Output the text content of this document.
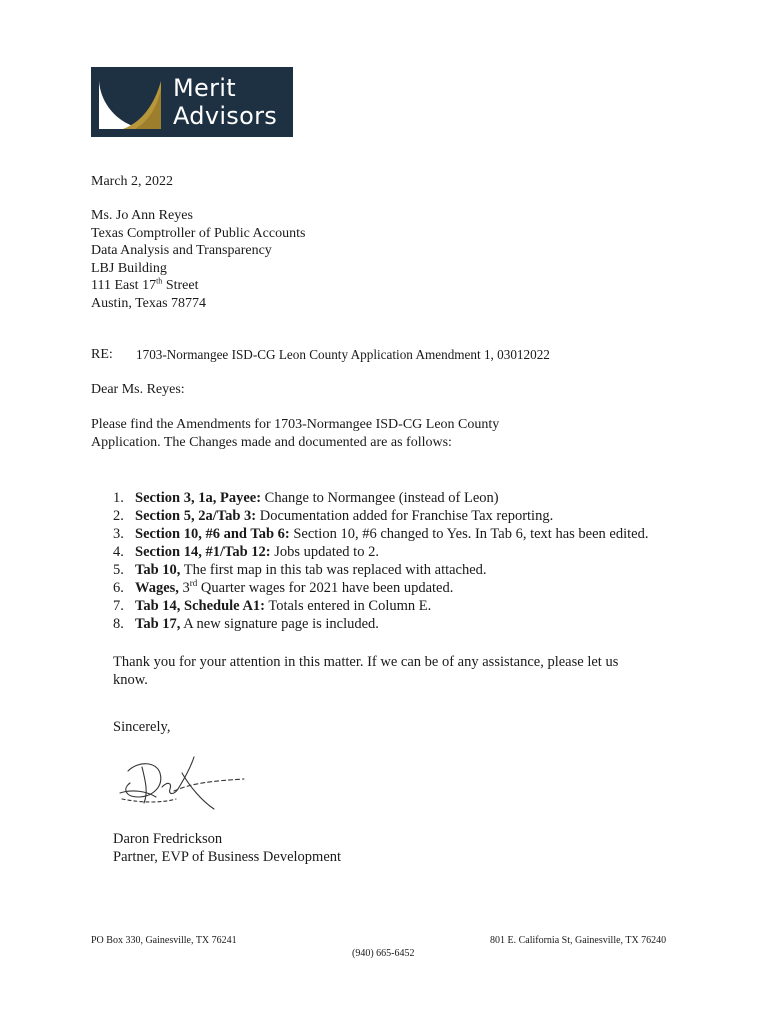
Merit
Advisors
March 2, 2022
Ms. Jo Ann Reyes
Texas Comptroller of Public Accounts
Data Analysis and Transparency
LBJ Building
111 East 17th Street
Austin, Texas 78774
RE: 1703-Normangee ISD-CG Leon County Application Amendment 1, 03012022
Dear Ms. Reyes:
Please find the Amendments for 1703-Normangee ISD-CG Leon County
Application. The Changes made and documented are as follows:
1. Section 3, 1a, Payee: Change to Normangee (instead of Leon)
2. Section 5, 2a/Tab 3: Documentation added for Franchise Tax reporting.
3. Section 10, #6 and Tab 6: Section 10, #6 changed to Yes. In Tab 6, text has been edited.
4. Section 14, #1/Tab 12: Jobs updated to 2.
5. Tab 10, The first map in this tab was replaced with attached.
6. Wages, 3rd Quarter wages for 2021 have been updated.
7. Tab 14, Schedule A1: Totals entered in Column E.
8. Tab 17, A new signature page is included.
Thank you for your attention in this matter. If we can be of any assistance, please let us
know.
Sincerely,
Daron Fredrickson
Partner, EVP of Business Development
PO Box 330, Gainesville, TX 76241	801 E. California St, Gainesville, TX 76240
(940) 665-6452
